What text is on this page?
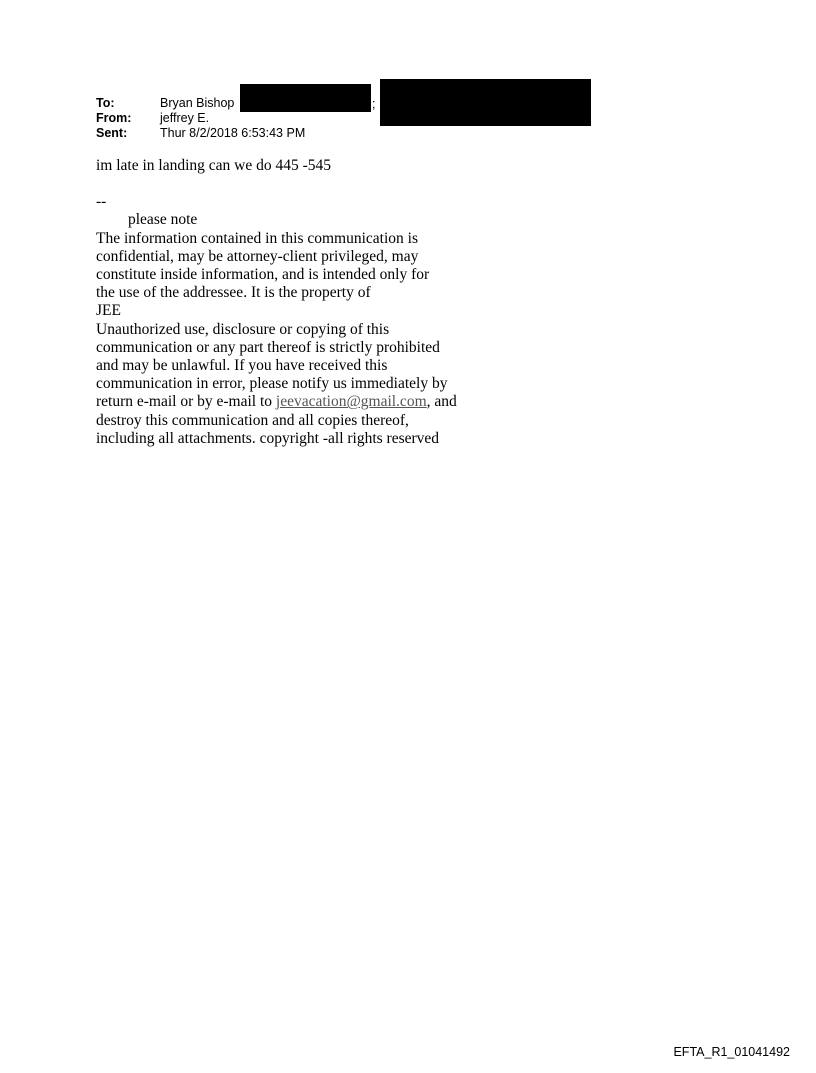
To:	Bryan Bishop
From: jeffrey E.
Sent:	Thur 8/2/2018 6:53:43 PM
;

im late in landing can we do 445 -545

--

please note

The information contained in this communication is

confidential, may be attorney-client privileged, may

constitute inside information, and is intended only for

the use of the addressee. It is the property of

JEE

Unauthorized use, disclosure or copying of this

communication or any part thereof is strictly prohibited

and may be unlawful. If you have received this

communication in error, please notify us immediately by

return e-mail or by e-mail to jeevacation@gmail.com, and

destroy this communication and all copies thereof,

including all attachments. copyright -all rights reserved

EFTA_R1_01041492
